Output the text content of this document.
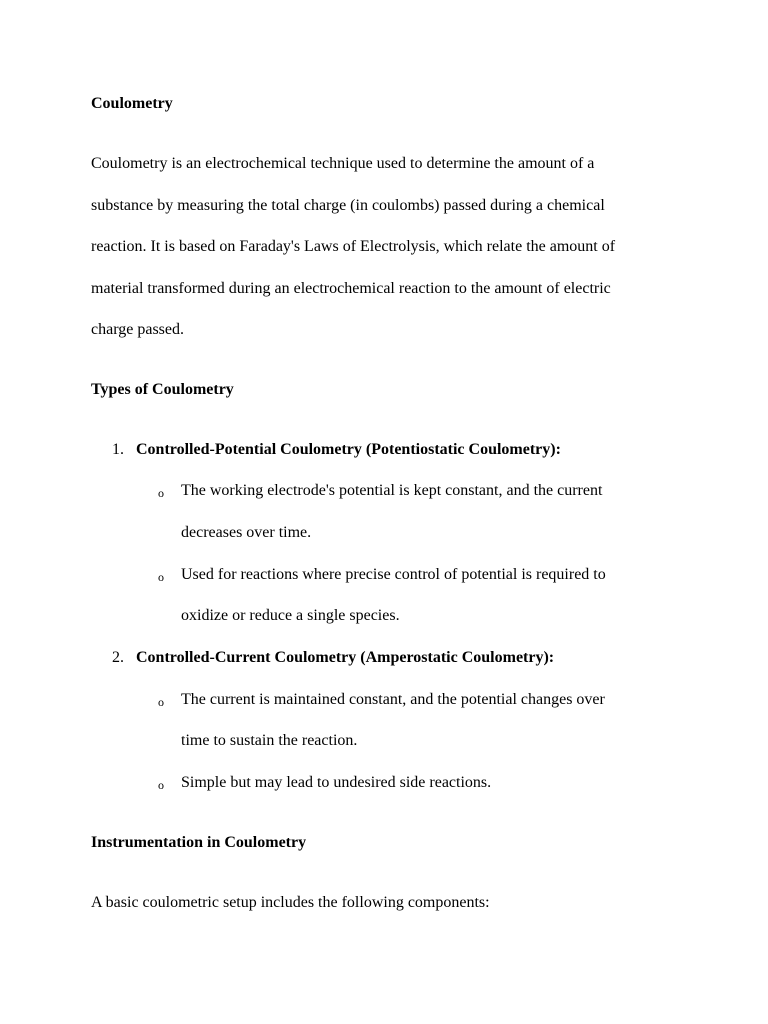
Coulometry
Coulometry is an electrochemical technique used to determine the amount of a
substance by measuring the total charge (in coulombs) passed during a chemical
reaction. It is based on Faraday's Laws of Electrolysis, which relate the amount of
material transformed during an electrochemical reaction to the amount of electric
charge passed.
Types of Coulometry
1. Controlled-Potential Coulometry (Potentiostatic Coulometry):
o The working electrode's potential is kept constant, and the current
decreases over time.
o Used for reactions where precise control of potential is required to
oxidize or reduce a single species.
2. Controlled-Current Coulometry (Amperostatic Coulometry):
o The current is maintained constant, and the potential changes over
time to sustain the reaction.
o Simple but may lead to undesired side reactions.
Instrumentation in Coulometry
A basic coulometric setup includes the following components:
